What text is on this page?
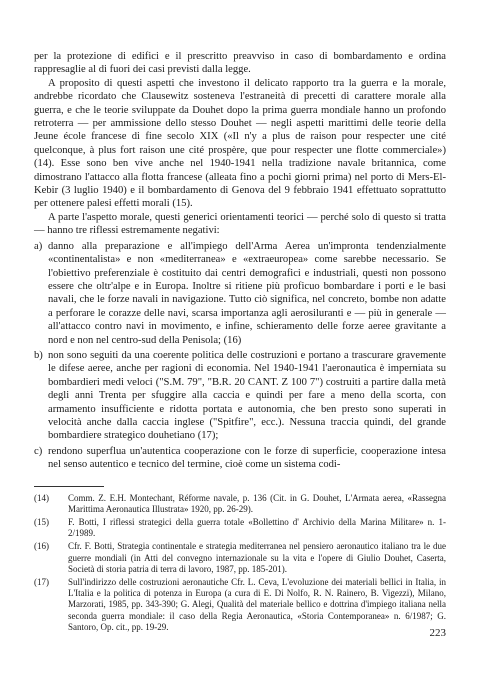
per la protezione di edifici e il prescritto preavviso in caso di bombardamento e ordina rappresaglie al di fuori dei casi previsti dalla legge.

A proposito di questi aspetti che investono il delicato rapporto tra la guerra e la morale, andrebbe ricordato che Clausewitz sosteneva l'estraneità di precetti di carattere morale alla guerra, e che le teorie sviluppate da Douhet dopo la prima guerra mondiale hanno un profondo retroterra — per ammissione dello stesso Douhet — negli aspetti marittimi delle teorie della Jeune école francese di fine secolo XIX («Il n'y a plus de raison pour respecter une cité quelconque, à plus fort raison une cité prospère, que pour respecter une flotte commerciale») (14). Esse sono ben vive anche nel 1940-1941 nella tradizione navale britannica, come dimostrano l'attacco alla flotta francese (alleata fino a pochi giorni prima) nel porto di Mers-El-Kebir (3 luglio 1940) e il bombardamento di Genova del 9 febbraio 1941 effettuato soprattutto per ottenere palesi effetti morali (15).

A parte l'aspetto morale, questi generici orientamenti teorici — perché solo di questo si tratta — hanno tre riflessi estremamente negativi:

a) danno alla preparazione e all'impiego dell'Arma Aerea un'impronta tendenzialmente «continentalista» e non «mediterranea» e «extraeuropea» come sarebbe necessario. Se l'obiettivo preferenziale è costituito dai centri demografici e industriali, questi non possono essere che oltr'alpe e in Europa. Inoltre si ritiene più proficuo bombardare i porti e le basi navali, che le forze navali in navigazione. Tutto ciò significa, nel concreto, bombe non adatte a perforare le corazze delle navi, scarsa importanza agli aerosiluranti e — più in generale — all'attacco contro navi in movimento, e infine, schieramento delle forze aeree gravitante a nord e non nel centro-sud della Penisola; (16)
b) non sono seguiti da una coerente politica delle costruzioni e portano a trascurare gravemente le difese aeree, anche per ragioni di economia. Nel 1940-1941 l'aeronautica è imperniata su bombardieri medi veloci ("S.M. 79", "B.R. 20 CANT. Z 100 7") costruiti a partire dalla metà degli anni Trenta per sfuggire alla caccia e quindi per fare a meno della scorta, con armamento insufficiente e ridotta portata e autonomia, che ben presto sono superati in velocità anche dalla caccia inglese ("Spitfire", ecc.). Nessuna traccia quindi, del grande bombardiere strategico douhetiano (17);
c) rendono superflua un'autentica cooperazione con le forze di superficie, cooperazione intesa nel senso autentico e tecnico del termine, cioè come un sistema codi-
(14) Comm. Z. E.H. Montechant, Réforme navale, p. 136 (Cit. in G. Douhet, L'Armata aerea, «Rassegna Marittima Aeronautica Illustrata» 1920, pp. 26-29).
(15) F. Botti, I riflessi strategici della guerra totale «Bollettino d' Archivio della Marina Militare» n. 1-2/1989.
(16) Cfr. F. Botti, Strategia continentale e strategia mediterranea nel pensiero aeronautico italiano tra le due guerre mondiali (in Atti del convegno internazionale su la vita e l'opere di Giulio Douhet, Caserta, Società di storia patria di terra di lavoro, 1987, pp. 185-201).
(17) Sull'indirizzo delle costruzioni aeronautiche Cfr. L. Ceva, L'evoluzione dei materiali bellici in Italia, in L'Italia e la politica di potenza in Europa (a cura di E. Di Nolfo, R. N. Rainero, B. Vigezzi), Milano, Marzorati, 1985, pp. 343-390; G. Alegi, Qualità del materiale bellico e dottrina d'impiego italiana nella seconda guerra mondiale: il caso della Regia Aeronautica, «Storia Contemporanea» n. 6/1987; G. Santoro, Op. cit., pp. 19-29.
223
